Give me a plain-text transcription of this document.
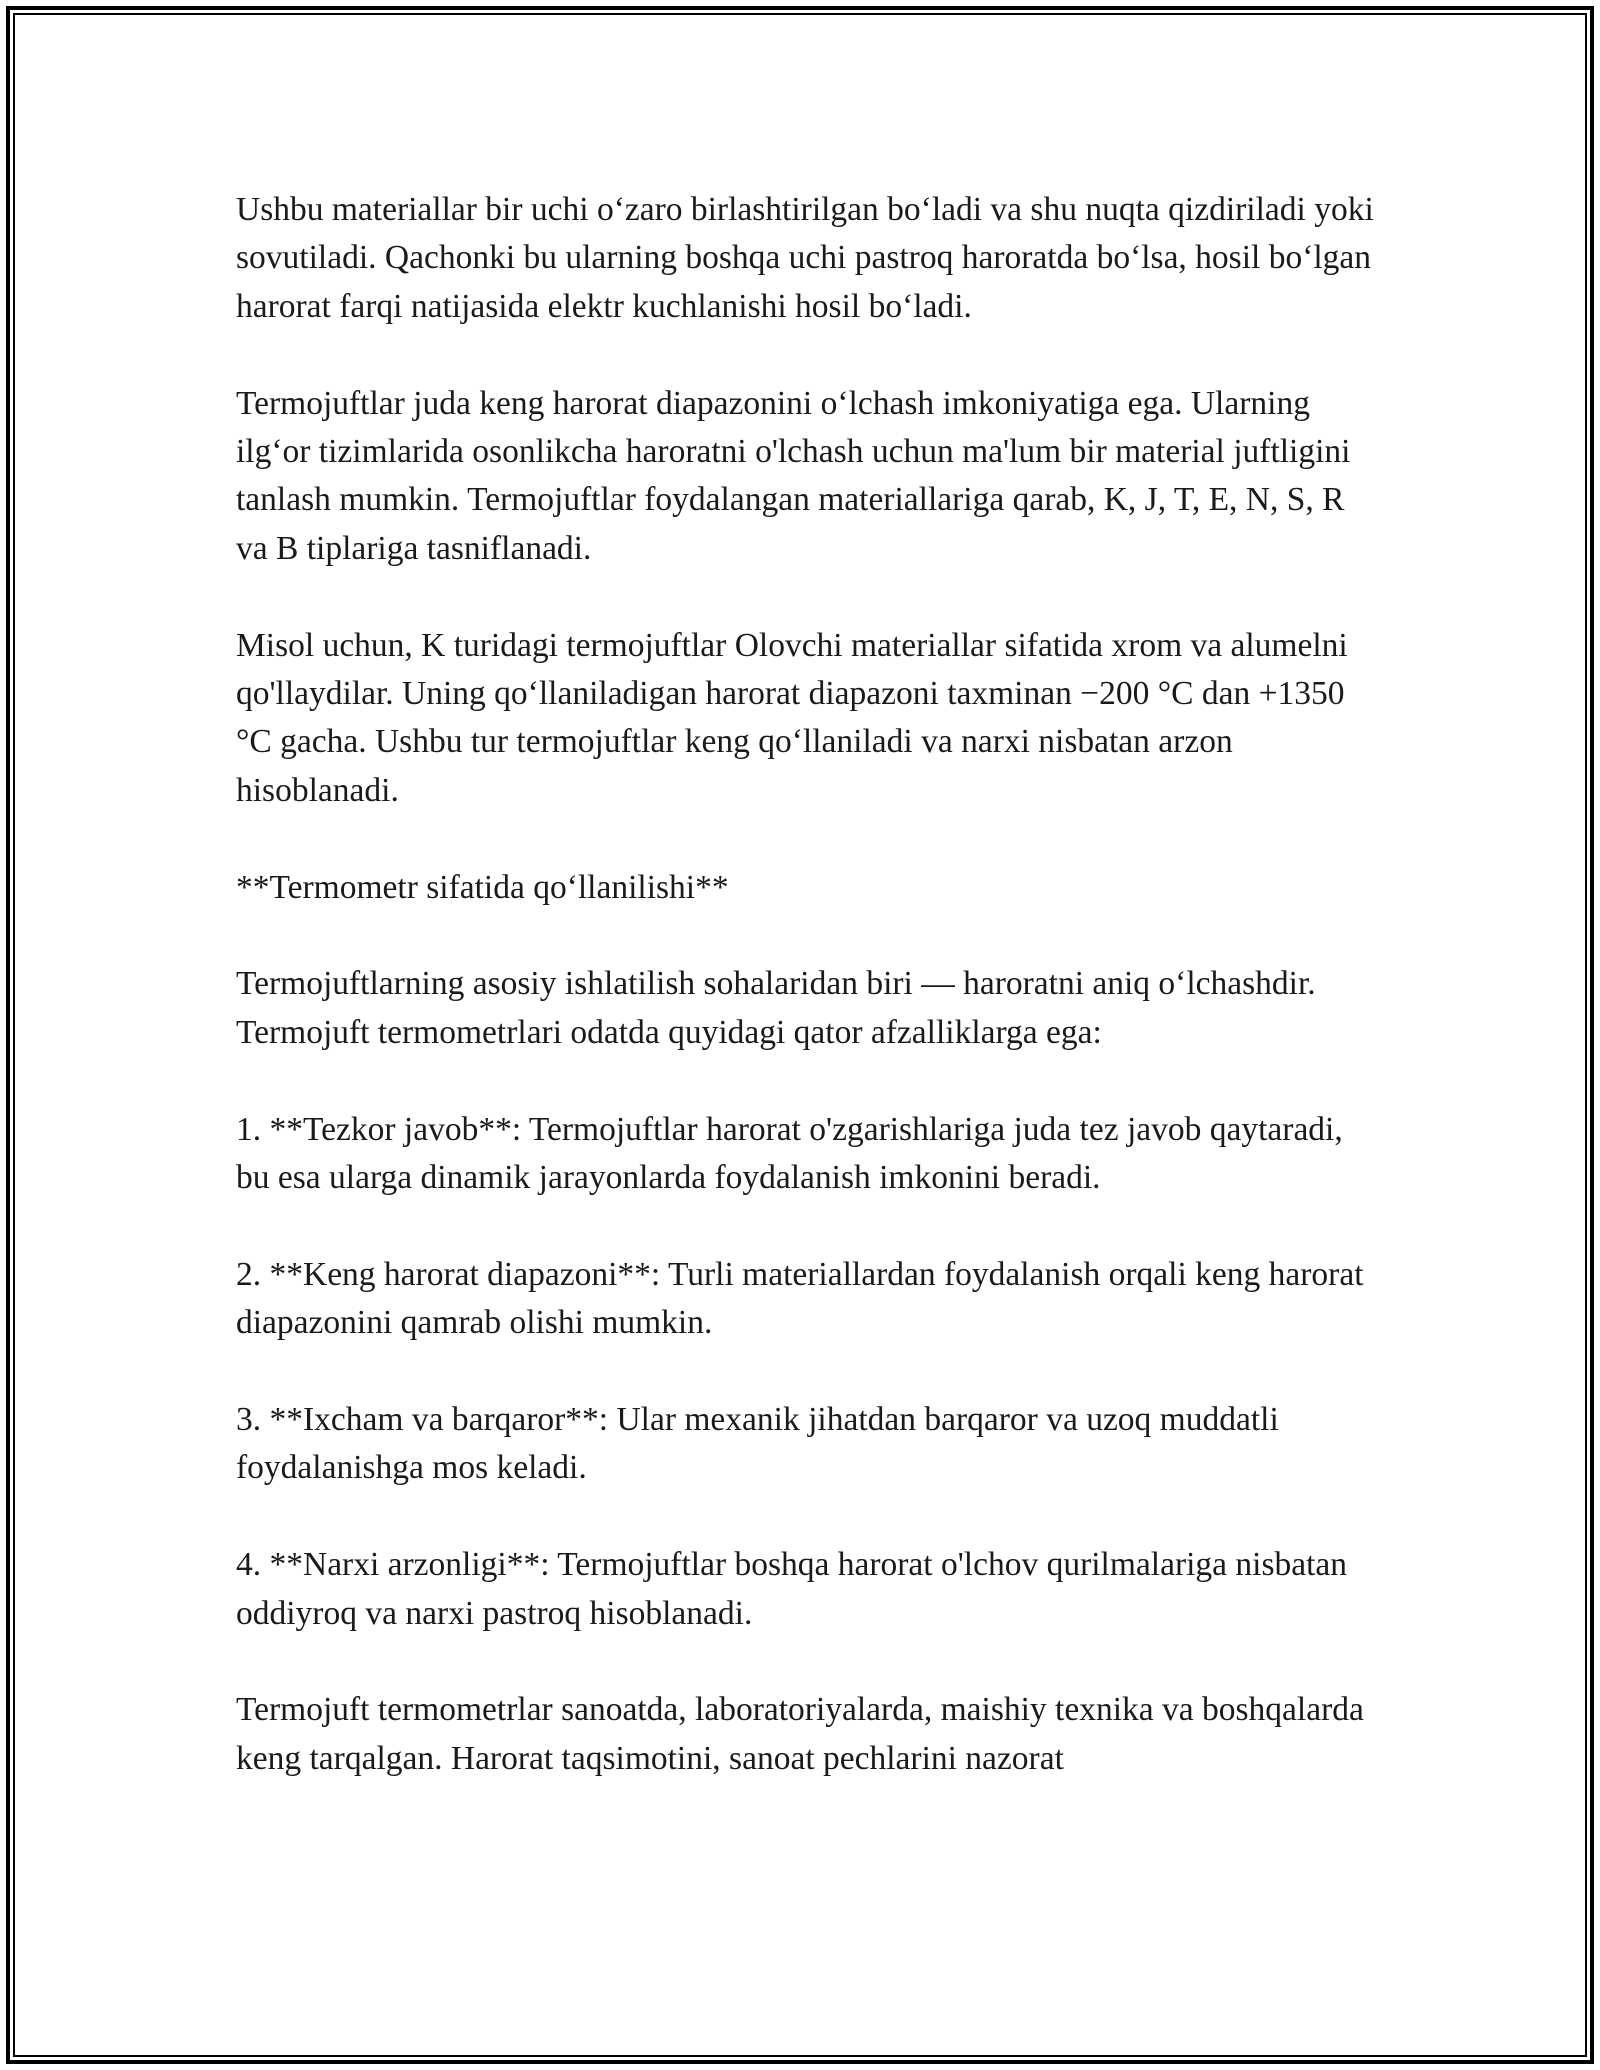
Ushbu materiallar bir uchi o‘zaro birlashtirilgan bo‘ladi va shu nuqta qizdiriladi yoki sovutiladi. Qachonki bu ularning boshqa uchi pastroq haroratda bo‘lsa, hosil bo‘lgan harorat farqi natijasida elektr kuchlanishi hosil bo‘ladi.

Termojuftlar juda keng harorat diapazonini o‘lchash imkoniyatiga ega. Ularning ilg‘or tizimlarida osonlikcha haroratni o'lchash uchun ma'lum bir material juftligini tanlash mumkin. Termojuftlar foydalangan materiallariga qarab, K, J, T, E, N, S, R va B tiplariga tasniflanadi.

Misol uchun, K turidagi termojuftlar Olovchi materiallar sifatida xrom va alumelni qo'llaydilar. Uning qo‘llaniladigan harorat diapazoni taxminan −200 °C dan +1350 °C gacha. Ushbu tur termojuftlar keng qo‘llaniladi va narxi nisbatan arzon hisoblanadi.

**Termometr sifatida qo‘llanilishi**

Termojuftlarning asosiy ishlatilish sohalaridan biri — haroratni aniq o‘lchashdir. Termojuft termometrlari odatda quyidagi qator afzalliklarga ega:

1. **Tezkor javob**: Termojuftlar harorat o'zgarishlariga juda tez javob qaytaradi, bu esa ularga dinamik jarayonlarda foydalanish imkonini beradi.

2. **Keng harorat diapazoni**: Turli materiallardan foydalanish orqali keng harorat diapazonini qamrab olishi mumkin.

3. **Ixcham va barqaror**: Ular mexanik jihatdan barqaror va uzoq muddatli foydalanishga mos keladi.

4. **Narxi arzonligi**: Termojuftlar boshqa harorat o'lchov qurilmalariga nisbatan oddiyroq va narxi pastroq hisoblanadi.

Termojuft termometrlar sanoatda, laboratoriyalarda, maishiy texnika va boshqalarda keng tarqalgan. Harorat taqsimotini, sanoat pechlarini nazorat
